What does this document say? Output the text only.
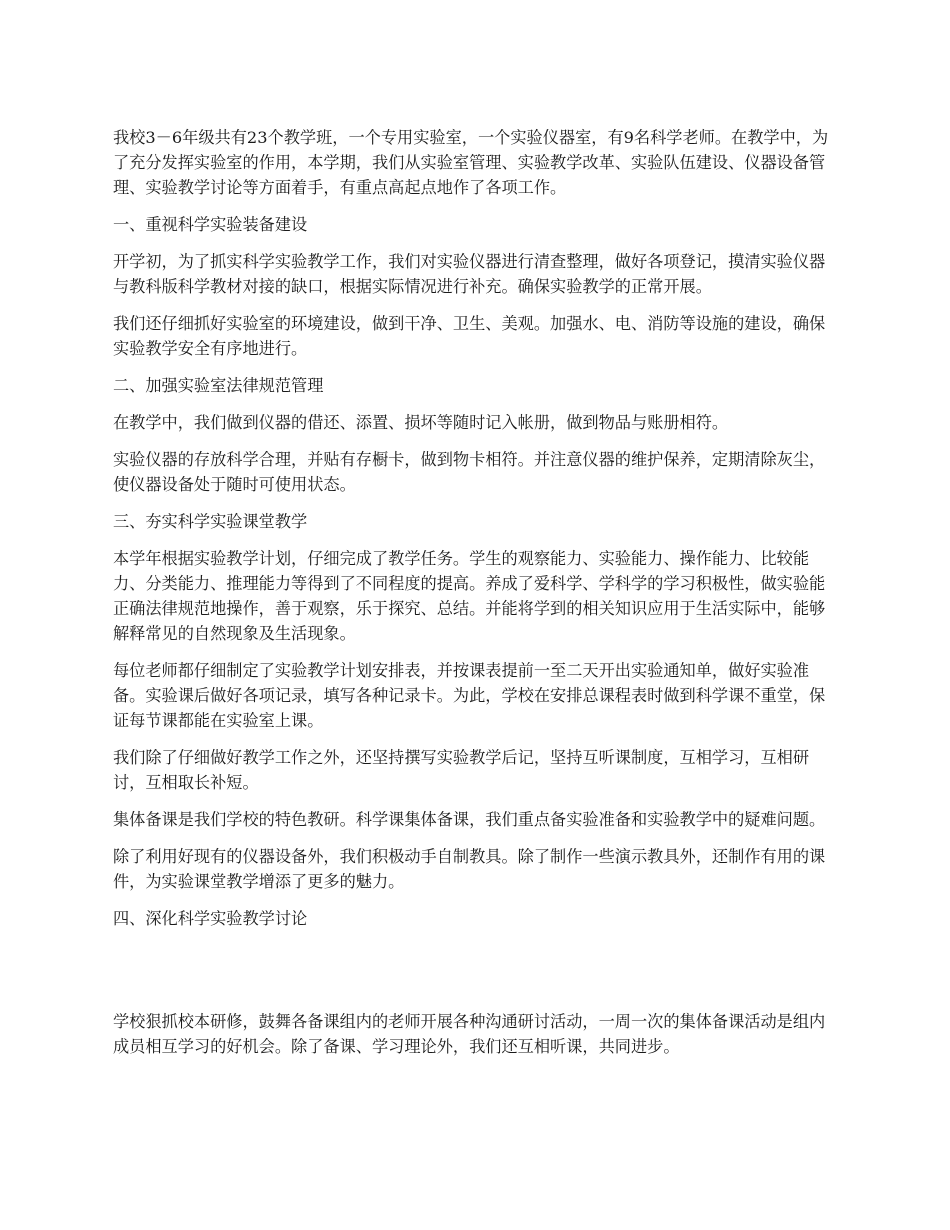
我校3－6年级共有23个教学班，一个专用实验室，一个实验仪器室，有9名科学老师。在教学中，为了充分发挥实验室的作用，本学期，我们从实验室管理、实验教学改革、实验队伍建设、仪器设备管理、实验教学讨论等方面着手，有重点高起点地作了各项工作。

一、重视科学实验装备建设

开学初，为了抓实科学实验教学工作，我们对实验仪器进行清查整理，做好各项登记，摸清实验仪器与教科版科学教材对接的缺口，根据实际情况进行补充。确保实验教学的正常开展。

我们还仔细抓好实验室的环境建设，做到干净、卫生、美观。加强水、电、消防等设施的建设，确保实验教学安全有序地进行。

二、加强实验室法律规范管理

在教学中，我们做到仪器的借还、添置、损坏等随时记入帐册，做到物品与账册相符。

实验仪器的存放科学合理，并贴有存橱卡，做到物卡相符。并注意仪器的维护保养，定期清除灰尘，使仪器设备处于随时可使用状态。

三、夯实科学实验课堂教学

本学年根据实验教学计划，仔细完成了教学任务。学生的观察能力、实验能力、操作能力、比较能力、分类能力、推理能力等得到了不同程度的提高。养成了爱科学、学科学的学习积极性，做实验能正确法律规范地操作，善于观察，乐于探究、总结。并能将学到的相关知识应用于生活实际中，能够解释常见的自然现象及生活现象。

每位老师都仔细制定了实验教学计划安排表，并按课表提前一至二天开出实验通知单，做好实验准备。实验课后做好各项记录，填写各种记录卡。为此，学校在安排总课程表时做到科学课不重堂，保证每节课都能在实验室上课。

我们除了仔细做好教学工作之外，还坚持撰写实验教学后记，坚持互听课制度，互相学习，互相研讨，互相取长补短。

集体备课是我们学校的特色教研。科学课集体备课，我们重点备实验准备和实验教学中的疑难问题。

除了利用好现有的仪器设备外，我们积极动手自制教具。除了制作一些演示教具外，还制作有用的课件，为实验课堂教学增添了更多的魅力。

四、深化科学实验教学讨论

学校狠抓校本研修，鼓舞各备课组内的老师开展各种沟通研讨活动，一周一次的集体备课活动是组内成员相互学习的好机会。除了备课、学习理论外，我们还互相听课，共同进步。
